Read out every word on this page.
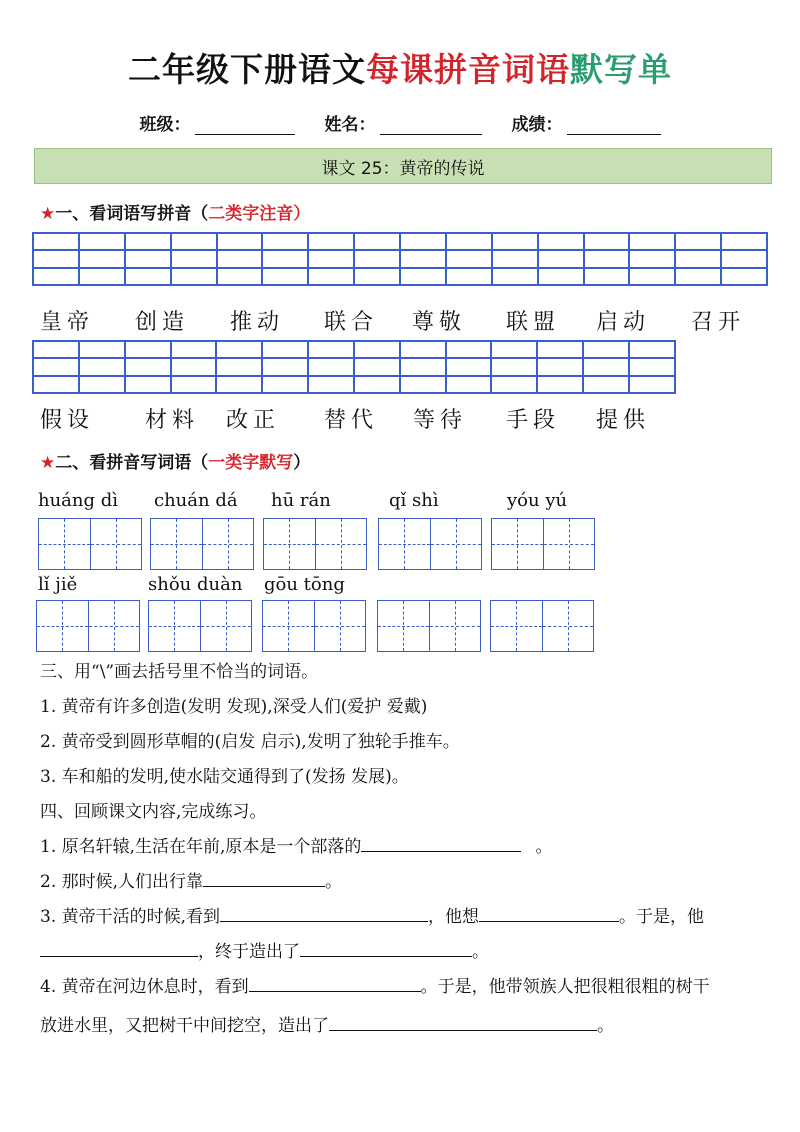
二年级下册语文每课拼音词语默写单
班级：	姓名：	成绩：
课文 25：黄帝的传说
★一、看词语写拼音（二类字注音）

皇帝 创造 推动 联合 尊敬 联盟 启动 召开

假设 材料 改正 替代 等待 手段 提供
★二、看拼音写词语（一类字默写）
huáng dì chuán dá hū rán	qǐ shì	yóu yú
lǐ jiě	shǒu duàn gōu tōng
三、用“\”画去括号里不恰当的词语。
1. 黄帝有许多创造(发明 发现),深受人们(爱护 爱戴)
2. 黄帝受到圆形草帽的(启发 启示),发明了独轮手推车。
3. 车和船的发明,使水陆交通得到了(发扬 发展)。
四、回顾课文内容,完成练习。
1. 原名轩辕,生活在年前,原本是一个部落的	。
2. 那时候,人们出行靠	。
3. 黄帝干活的时候,看到	，他想	。于是，他
，终于造出了	。
4. 黄帝在河边休息时，看到	。于是，他带领族人把很粗很粗的树干
放进水里，又把树干中间挖空，造出了	。
